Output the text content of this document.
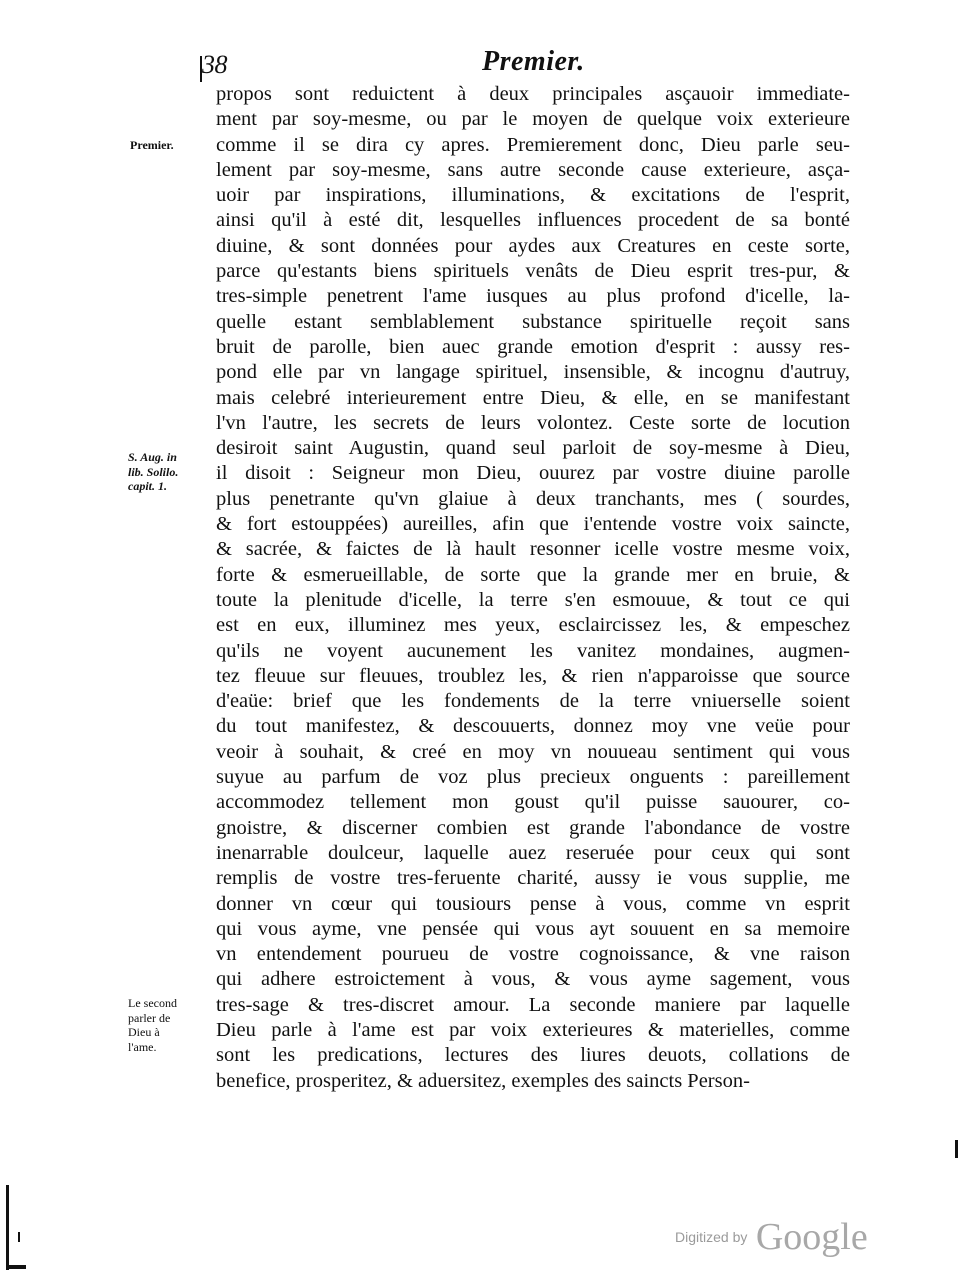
38	Premier.
Premier.
S. Aug. in
lib. Solilo.
capit. 1.
Le second
parler de
Dieu à
l'ame.
propos sont reduictent à deux principales asçauoir immediate-
ment par soy-mesme, ou par le moyen de quelque voix exterieure
comme il se dira cy apres. Premierement donc, Dieu parle seu-
lement par soy-mesme, sans autre seconde cause exterieure, asça-
uoir par inspirations, illuminations, & excitations de l'esprit,
ainsi qu'il à esté dit, lesquelles influences procedent de sa bonté
diuine, & sont données pour aydes aux Creatures en ceste sorte,
parce qu'estants biens spirituels venâts de Dieu esprit tres-pur, &
tres-simple penetrent l'ame iusques au plus profond d'icelle, la-
quelle estant semblablement substance spirituelle reçoit sans
bruit de parolle, bien auec grande emotion d'esprit : aussy res-
pond elle par vn langage spirituel, insensible, & incognu d'autruy,
mais celebré interieurement entre Dieu, & elle, en se manifestant
l'vn l'autre, les secrets de leurs volontez. Ceste sorte de locution
desiroit saint Augustin, quand seul parloit de soy-mesme à Dieu,
il disoit : Seigneur mon Dieu, ouurez par vostre diuine parolle
plus penetrante qu'vn glaiue à deux tranchants, mes ( sourdes,
& fort estouppées) aureilles, afin que i'entende vostre voix saincte,
& sacrée, & faictes de là hault resonner icelle vostre mesme voix,
forte & esmerueillable, de sorte que la grande mer en bruie, &
toute la plenitude d'icelle, la terre s'en esmouue, & tout ce qui
est en eux, illuminez mes yeux, esclaircissez les, & empeschez
qu'ils ne voyent aucunement les vanitez mondaines, augmen-
tez fleuue sur fleuues, troublez les, & rien n'apparoisse que source
d'eaüe: brief que les fondements de la terre vniuerselle soient
du tout manifestez, & descouuerts, donnez moy vne veüe pour
veoir à souhait, & creé en moy vn nouueau sentiment qui vous
suyue au parfum de voz plus precieux onguents : pareillement
accommodez tellement mon goust qu'il puisse sauourer, co-
gnoistre, & discerner combien est grande l'abondance de vostre
inenarrable doulceur, laquelle auez reseruée pour ceux qui sont
remplis de vostre tres-feruente charité, aussy ie vous supplie, me
donner vn cœur qui tousiours pense à vous, comme vn esprit
qui vous ayme, vne pensée qui vous ayt souuent en sa memoire
vn entendement pourueu de vostre cognoissance, & vne raison
qui adhere estroictement à vous, & vous ayme sagement, vous
tres-sage & tres-discret amour. La seconde maniere par laquelle
Dieu parle à l'ame est par voix exterieures & materielles, comme
sont les predications, lectures des liures deuots, collations de
benefice, prosperitez, & aduersitez, exemples des saincts Person-
Digitized by Google
